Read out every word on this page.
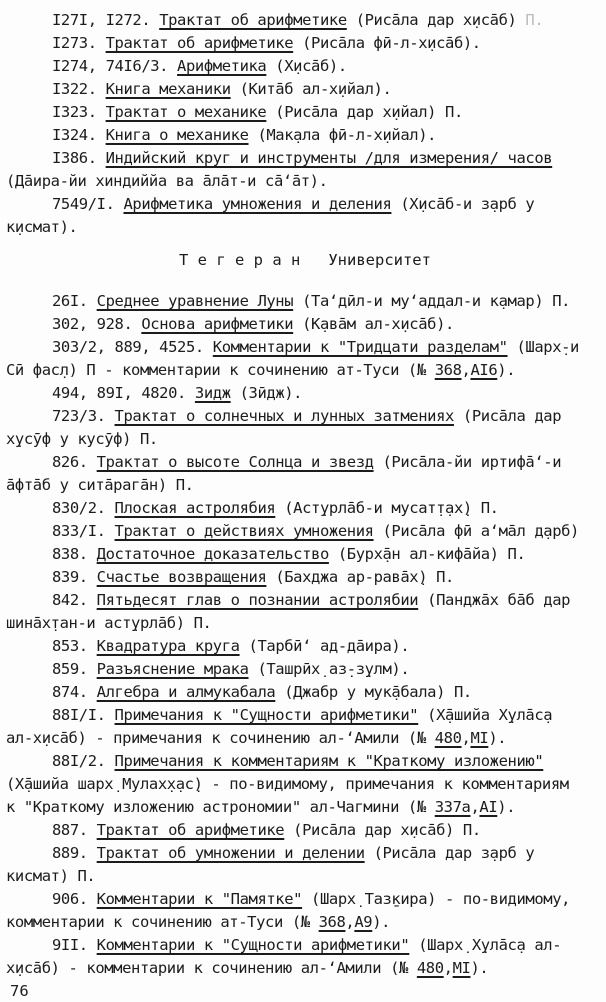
I27I, I272. Трактат об арифметике (Риса̄ла дар х̣иса̄б) П.
I273. Трактат об арифметике (Риса̄ла фӣ-л-х̣иса̄б).
I274, 74I6/3. Арифметика (Х̣иса̄б).
I322. Книга механики (Кита̄б ал-х̣ийал).
I323. Трактат о механике (Риса̄ла дар х̣ийал) П.
I324. Книга о механике (Мак̣ала фӣ-л-х̣ийал).
I386. Индийский круг и инструменты /для измерения/ часов
(Да̄ира-йи хиндиййа ва а̄ла̄т-и са̄‘а̄т).
7549/I. Арифметика умножения и деления (Х̣иса̄б-и з̣арб у
к̣исмат).
Т е г е р а н   Университет
26I. Среднее уравнение Луны (Та‘дӣл-и му‘аддал-и к̣амар) П.
302, 928. Основа арифметики (К̣ава̄м ал-х̣иса̄б).
303/2, 889, 4525. Комментарии к "Тридцати разделам" (Шарх̣-и
Сӣ фас̣л) П - комментарии к сочинению ат-Туси (№ 368,АI6).
494, 89I, 4820. Зидж (Зӣдж).
723/3. Трактат о солнечных и лунных затмениях (Риса̄ла дар
х̣усӯф у кусӯф) П.
826. Трактат о высоте Солнца и звезд (Риса̄ла-йи иртифа̄‘-и
а̄фта̄б у сита̄рага̄н) П.
830/2. Плоская астролябия (Аст̣урла̄б-и мусат̣т̣ах̣) П.
833/I. Трактат о действиях умножения (Риса̄ла фӣ а‘ма̄л д̣арб)
838. Достаточное доказательство (Бурх̣а̄н ал-кифа̄йа) П.
839. Счастье возвращения (Бахджа ар-рава̄х̣) П.
842. Пятьдесят глав о познании астролябии (Панджа̄х ба̄б дар
шина̄х̣тан-и аст̣урла̄б) П.
853. Квадратура круга (Тарбӣ‘ ад-да̄ира).
859. Разъяснение мрака (Ташрӣх̣ аз̣-з̣улм).
874. Алгебра и алмукабала (Джабр у мук̣а̄бала) П.
88I/I. Примечания к "Сущности арифметики" (Х̣а̄шийа Х̣ула̄с̣а
ал-х̣иса̄б) - примечания к сочинению ал-‘Амили (№ 480,МI).
88I/2. Примечания к комментариям к "Краткому изложению"
(Х̣а̄шийа шарх̣ Мулах̣х̣ас̣) - по-видимому, примечания к комментариям
к "Краткому изложению астрономии" ал-Чагмини (№ 337а,АI).
887. Трактат об арифметике (Риса̄ла дар х̣иса̄б) П.
889. Трактат об умножении и делении (Риса̄ла дар з̣арб у
кисмат) П.
906. Комментарии к "Памятке" (Шарх̣ Таз̱кира) - по-видимому,
комментарии к сочинению ат-Туси (№ 368,А9).
9II. Комментарии к "Сущности арифметики" (Шарх̣ Х̣ула̄с̣а ал-
х̣иса̄б) - комментарии к сочинению ал-‘Амили (№ 480,МI).
76
